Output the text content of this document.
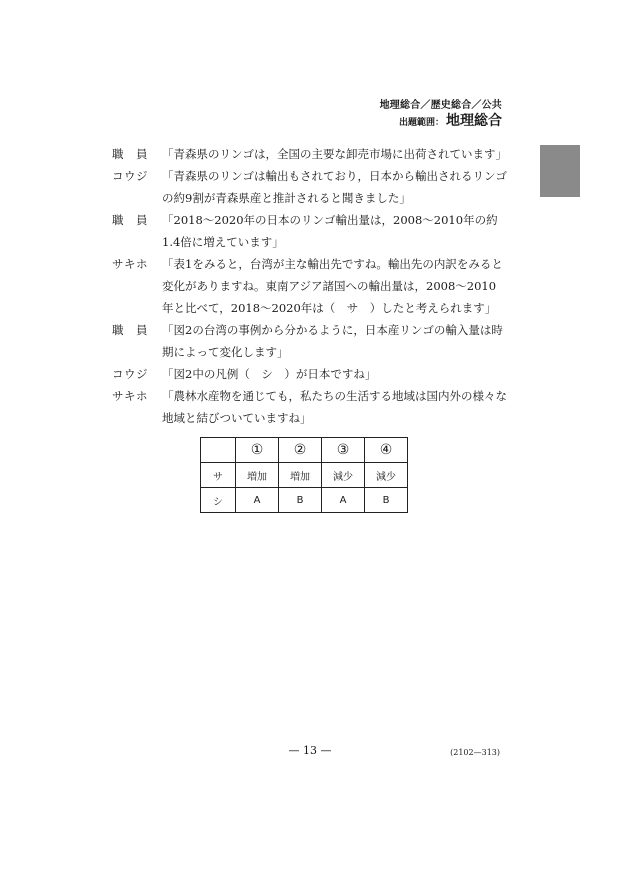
地理総合／歴史総合／公共
出題範囲： 地理総合
職　員	「青森県のリンゴは，全国の主要な卸売市場に出荷されています」
コウジ	「青森県のリンゴは輸出もされており，日本から輸出されるリンゴの約9割が青森県産と推計されると聞きました」
職　員	「2018～2020年の日本のリンゴ輸出量は，2008～2010年の約1.4倍に増えています」
サキホ	「表1をみると，台湾が主な輸出先ですね。輸出先の内訳をみると変化がありますね。東南アジア諸国への輸出量は，2008～2010年と比べて，2018～2020年は（　サ　）したと考えられます」
職　員	「図2の台湾の事例から分かるように，日本産リンゴの輸入量は時期によって変化します」
コウジ	「図2中の凡例（　シ　）が日本ですね」
サキホ	「農林水産物を通じても，私たちの生活する地域は国内外の様々な地域と結びついていますね」
	①	②	③	④
サ	増加	増加	減少	減少
シ	A	B	A	B
— 13 —	(2102—313)
